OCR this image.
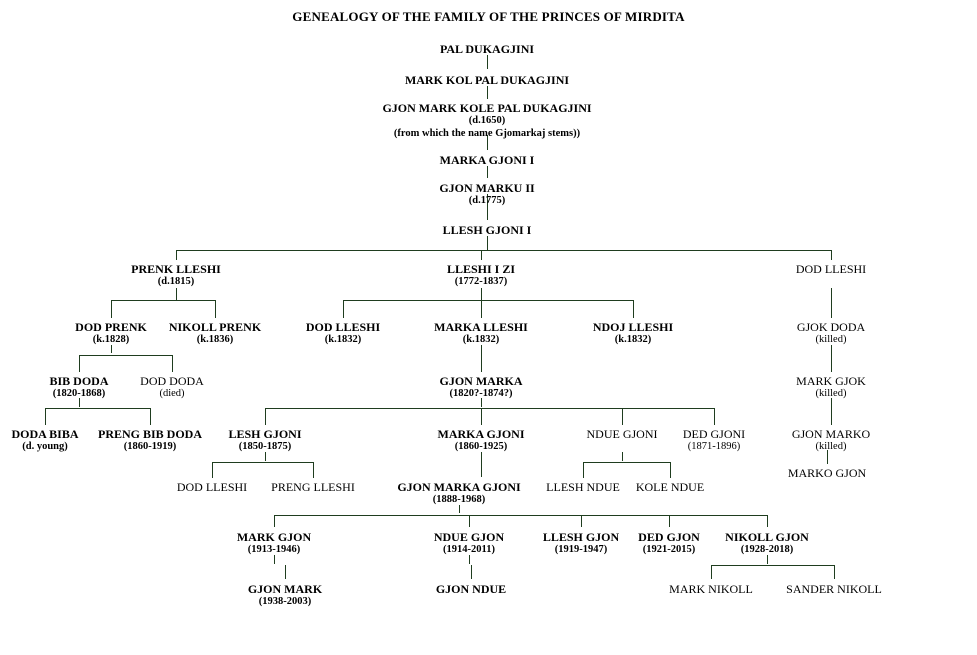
GENEALOGY OF THE FAMILY OF THE PRINCES OF MIRDITA
PAL DUKAGJINI
MARK KOL PAL DUKAGJINI
GJON MARK KOLE PAL DUKAGJINI
(d.1650)
(from which the name Gjomarkaj stems))
MARKA GJONI I
GJON MARKU II
(d.1775)
LLESH GJONI I
PRENK LLESHI
(d.1815)
LLESHI I ZI
(1772-1837)
DOD LLESHI
DOD PRENK
(k.1828)
NIKOLL PRENK
(k.1836)
DOD LLESHI
(k.1832)
MARKA LLESHI
(k.1832)
NDOJ LLESHI
(k.1832)
GJOK DODA
(killed)
BIB DODA
(1820-1868)
DOD DODA
(died)
GJON MARKA
(1820?-1874?)
MARK GJOK
(killed)
DODA BIBA
(d. young)
PRENG BIB DODA
(1860-1919)
LESH GJONI
(1850-1875)
MARKA GJONI
(1860-1925)
NDUE GJONI DED GJONI
(1871-1896)
GJON MARKO
(killed)
DOD LLESHI PRENG LLESHI	GJON MARKA GJONI
(1888-1968)
LLESH NDUE KOLE NDUE
MARKO GJON
MARK GJON
(1913-1946)
NDUE GJON
(1914-2011)
LLESH GJON
(1919-1947)
DED GJON
(1921-2015)
NIKOLL GJON
(1928-2018)
GJON MARK
(1938-2003)
GJON NDUE	MARK NIKOLL	SANDER NIKOLL
